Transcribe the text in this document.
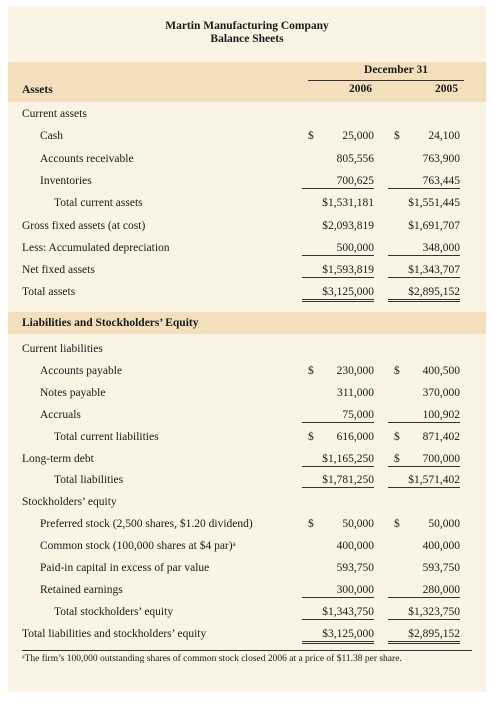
Martin Manufacturing Company
Balance Sheets
December 31
2006	2005
Assets
Current assets
Cash	$	25,000 $	24,100
Accounts receivable	805,556	763,900
Inventories	700,625	763,445
Total current assets	$1,531,181	$1,551,445
Gross fixed assets (at cost)	$2,093,819	$1,691,707
Less: Accumulated depreciation	500,000	348,000
Net fixed assets	$1,593,819	$1,343,707
Total assets	$3,125,000	$2,895,152
Liabilities and Stockholders’ Equity
Current liabilities
Accounts payable	$	230,000 $	400,500
Notes payable	311,000	370,000
Accruals	75,000	100,902
Total current liabilities	$	616,000 $	871,402
Long-term debt	$1,165,250 $	700,000
Total liabilities	$1,781,250	$1,571,402
Stockholders’ equity
Preferred stock (2,500 shares, $1.20 dividend)	$	50,000 $	50,000
Common stock (100,000 shares at $4 par)ᵃ	400,000	400,000
Paid-in capital in excess of par value	593,750	593,750
Retained earnings	300,000	280,000
Total stockholders’ equity	$1,343,750	$1,323,750
Total liabilities and stockholders’ equity	$3,125,000	$2,895,152
ᵃThe firm’s 100,000 outstanding shares of common stock closed 2006 at a price of $11.38 per share.
